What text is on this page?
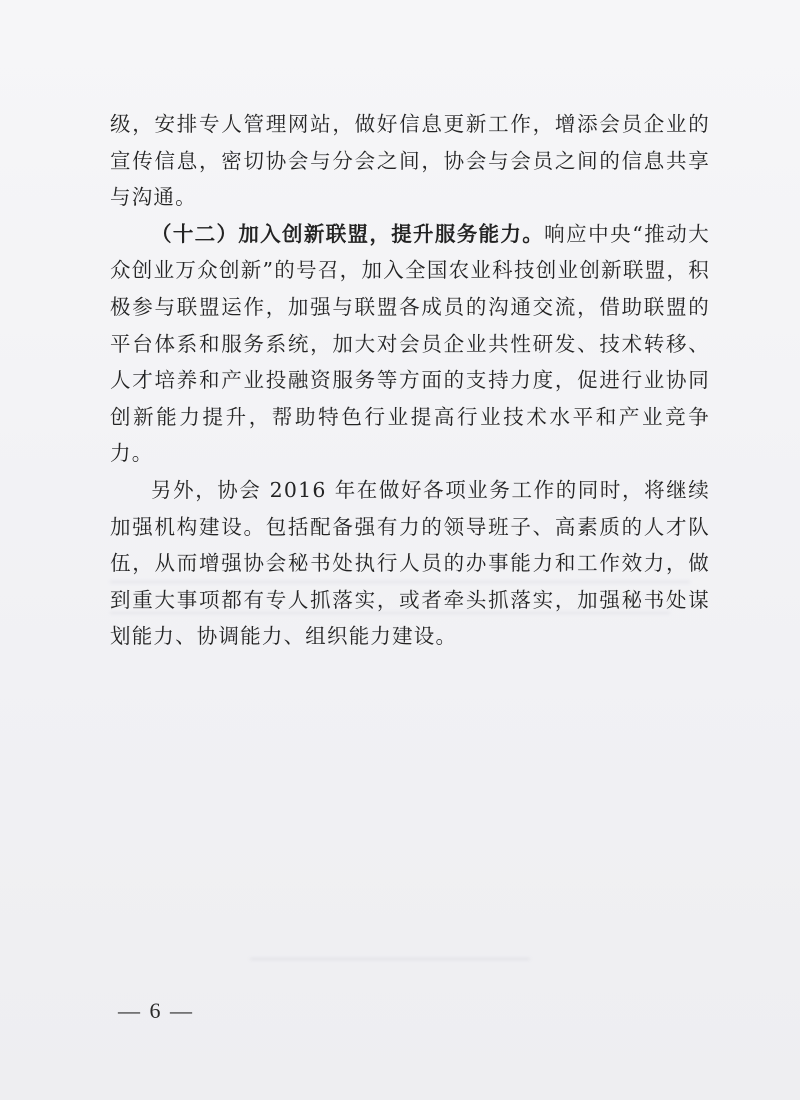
级，安排专人管理网站，做好信息更新工作，增添会员企业的宣传信息，密切协会与分会之间，协会与会员之间的信息共享与沟通。

（十二）加入创新联盟，提升服务能力。响应中央“推动大众创业万众创新”的号召，加入全国农业科技创业创新联盟，积极参与联盟运作，加强与联盟各成员的沟通交流，借助联盟的平台体系和服务系统，加大对会员企业共性研发、技术转移、人才培养和产业投融资服务等方面的支持力度，促进行业协同创新能力提升，帮助特色行业提高行业技术水平和产业竞争力。

另外，协会 2016 年在做好各项业务工作的同时，将继续加强机构建设。包括配备强有力的领导班子、高素质的人才队伍，从而增强协会秘书处执行人员的办事能力和工作效力，做到重大事项都有专人抓落实，或者牵头抓落实，加强秘书处谋划能力、协调能力、组织能力建设。

— 6 —
